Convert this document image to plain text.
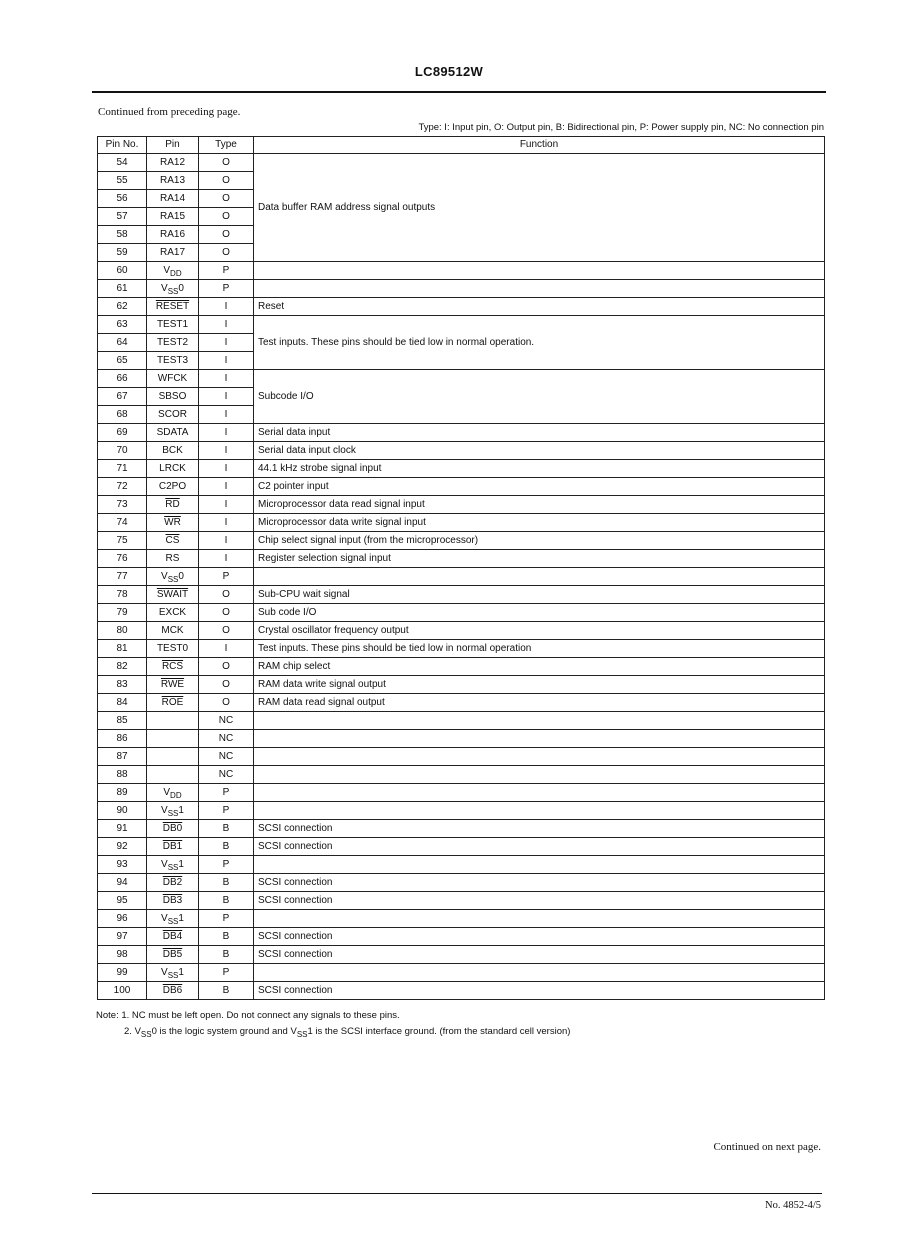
LC89512W
Continued from preceding page.
Type: I: Input pin, O: Output pin, B: Bidirectional pin, P: Power supply pin, NC: No connection pin
Pin No.	Pin	Type	Function
54	RA12	O	Data buffer RAM address signal outputs
55	RA13	O	
56	RA14	O	
57	RA15	O	
58	RA16	O	
59	RA17	O	
60	$V_{DD}$	P	
61	$V_{SS}0$	P	
62	RESET	I	Reset
63	TEST1	I	Test inputs. These pins should be tied low in normal operation.
64	TEST2	I	
65	TEST3	I	
66	WFCK	I	Subcode I/O
67	SBSO	I	
68	SCOR	I	
69	SDATA	I	Serial data input
70	BCK	I	Serial data input clock
71	LRCK	I	44.1 kHz strobe signal input
72	C2PO	I	C2 pointer input
73	$\overline{RD}$	I	Microprocessor data read signal input
74	$\overline{WR}$	I	Microprocessor data write signal input
75	$\overline{CS}$	I	Chip select signal input (from the microprocessor)
76	RS	I	Register selection signal input
77	$V_{SS}0$	P	
78	SWAIT	O	Sub-CPU wait signal
79	EXCK	O	Sub code I/O
80	MCK	O	Crystal oscillator frequency output
81	TEST0	I	Test inputs. These pins should be tied low in normal operation
82	$\overline{RCS}$	O	RAM chip select
83	$\overline{RWE}$	O	RAM data write signal output
84	$\overline{ROE}$	O	RAM data read signal output
85		NC	
86		NC	
87		NC	
88		NC	
89	$V_{DD}$	P	
90	$V_{SS}1$	P	
91	DB0	B	SCSI connection
92	DB1	B	SCSI connection
93	$V_{SS}1$	P	
94	DB2	B	SCSI connection
95	DB3	B	SCSI connection
96	$V_{SS}1$	P	
97	DB4	B	SCSI connection
98	DB5	B	SCSI connection
99	$V_{SS}1$	P	
100	DB6	B	SCSI connection
Note: 1. NC must be left open. Do not connect any signals to these pins.
2. $V_{SS}0$ is the logic system ground and $V_{SS}1$ is the SCSI interface ground. (from the standard cell version)
Continued on next page.
No. 4852-4/5
